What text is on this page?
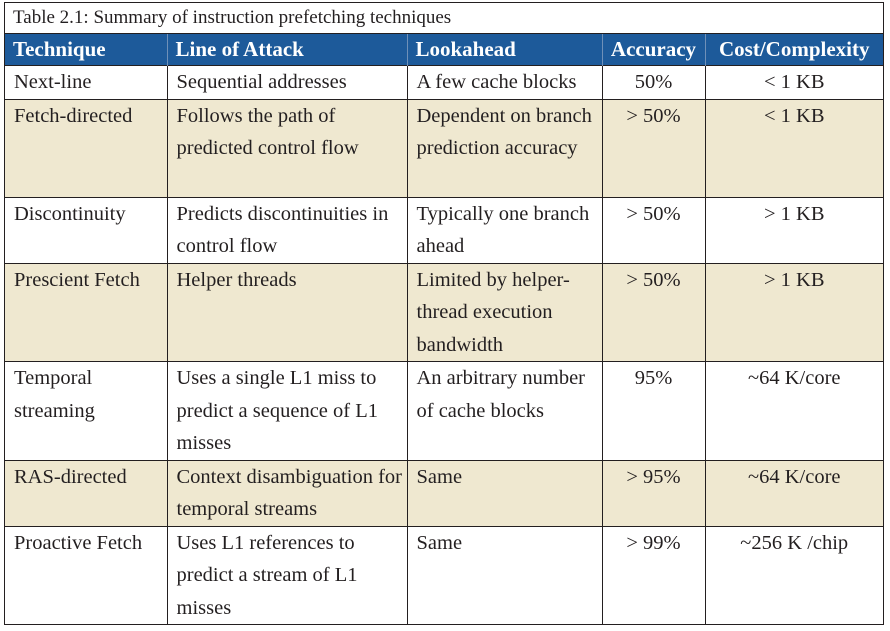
Table 2.1: Summary of instruction prefetching techniques
Technique	Line of Attack	Lookahead	Accuracy	Cost/Complexity
Next-line	Sequential addresses	A few cache blocks	50%	< 1 KB
Fetch-directed	Follows the path of predicted control flow	Dependent on branch prediction accuracy	> 50%	< 1 KB
Discontinuity	Predicts discontinuities in control flow	Typically one branch ahead	> 50%	> 1 KB
Prescient Fetch	Helper threads	Limited by helper-thread execution bandwidth	> 50%	> 1 KB
Temporal streaming	Uses a single L1 miss to predict a sequence of L1 misses	An arbitrary number of cache blocks	95%	~64 K/core
RAS-directed	Context disambiguation for temporal streams	Same	> 95%	~64 K/core
Proactive Fetch	Uses L1 references to predict a stream of L1 misses	Same	> 99%	~256 K /chip
